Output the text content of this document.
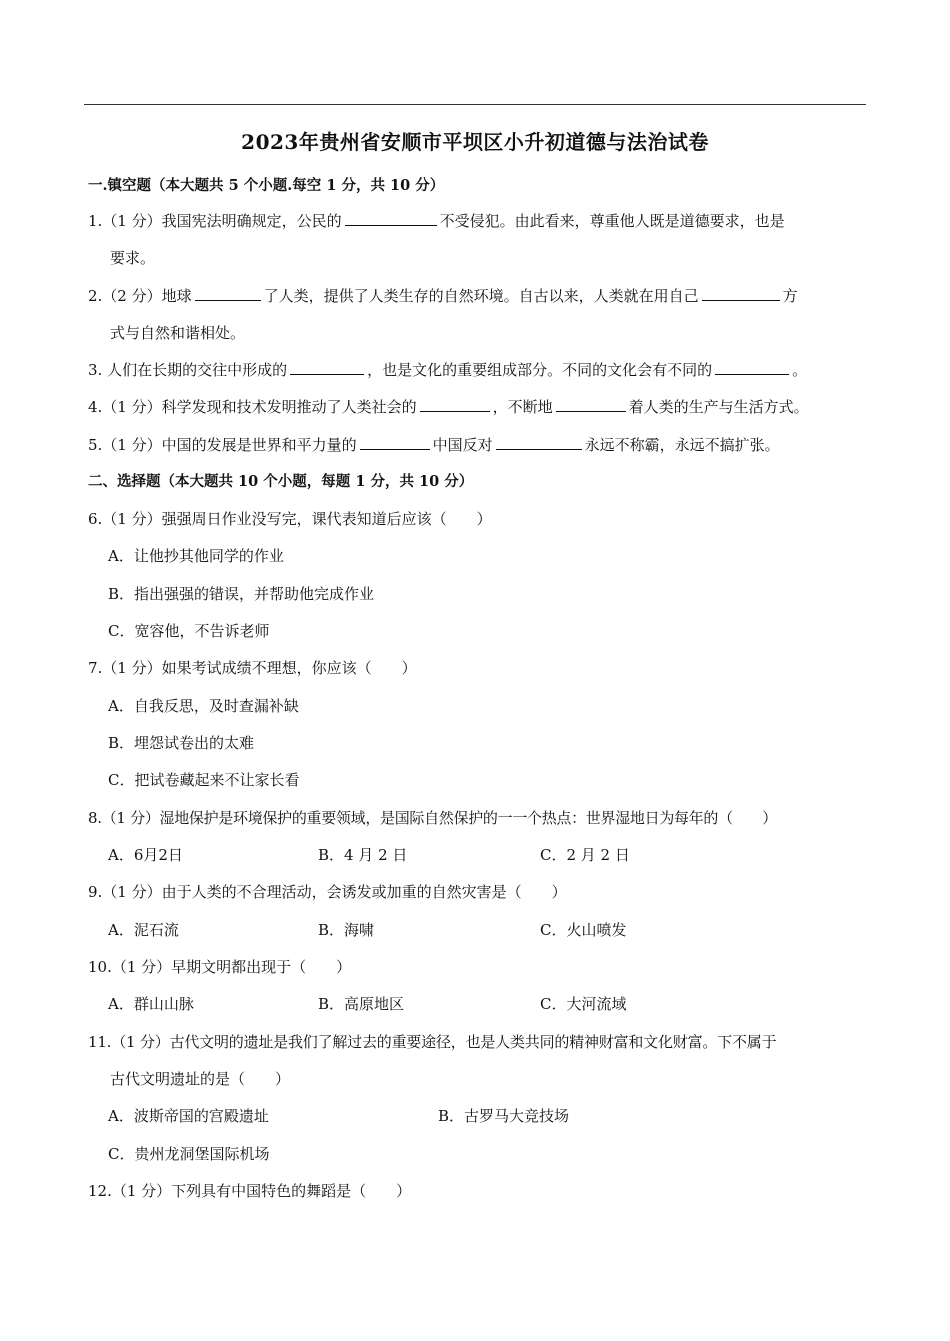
2023年贵州省安顺市平坝区小升初道德与法治试卷
一.镇空题（本大题共 5 个小题.每空 1 分，共 10 分）
1.（1 分）我国宪法明确规定，公民的	不受侵犯。由此看来，尊重他人既是道德要求，也是
要求。
2.（2 分）地球	了人类，提供了人类生存的自然环境。自古以来，人类就在用自己	方
式与自然和谐相处。
3. 人们在长期的交往中形成的	，也是文化的重要组成部分。不同的文化会有不同的	。
4.（1 分）科学发现和技术发明推动了人类社会的	，不断地	着人类的生产与生活方式。
5.（1 分）中国的发展是世界和平力量的	中国反对	永远不称霸，永远不搞扩张。
二、选择题（本大题共 10 个小题，每题 1 分，共 10 分）
6.（1 分）强强周日作业没写完，课代表知道后应该（　　）
A．让他抄其他同学的作业
B．指出强强的错误，并帮助他完成作业
C．宽容他，不告诉老师
7.（1 分）如果考试成绩不理想，你应该（　　）
A．自我反思，及时查漏补缺
B．埋怨试卷出的太难
C．把试卷藏起来不让家长看
8.（1 分）湿地保护是环境保护的重要领域，是国际自然保护的一一个热点：世界湿地日为每年的（　　）
A．6月2日	B．4 月 2 日	C．2 月 2 日
9.（1 分）由于人类的不合理活动，会诱发或加重的自然灾害是（　　）
A．泥石流	B．海啸	C．火山喷发
10.（1 分）早期文明都出现于（　　）
A．群山山脉	B．高原地区	C．大河流域
11.（1 分）古代文明的遗址是我们了解过去的重要途径，也是人类共同的精神财富和文化财富。下不属于
古代文明遗址的是（　　）
A．波斯帝国的宫殿遗址	B．古罗马大竞技场
C．贵州龙洞堡国际机场
12.（1 分）下列具有中国特色的舞蹈是（　　）
